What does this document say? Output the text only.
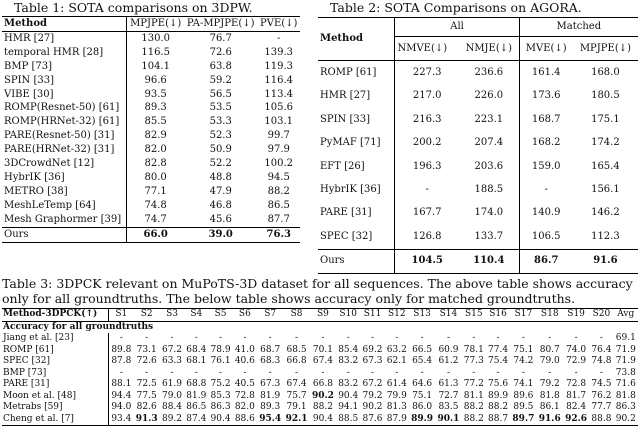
Table 1: SOTA comparisons on 3DPW.
Method	MPJPE(↓)	PA-MPJPE(↓)	PVE(↓)
HMR [27]	130.0	76.7	-
temporal HMR [28]	116.5	72.6	139.3
BMP [73]	104.1	63.8	119.3
SPIN [33]	96.6	59.2	116.4
VIBE [30]	93.5	56.5	113.4
ROMP(Resnet-50) [61]	89.3	53.5	105.6
ROMP(HRNet-32) [61]	85.5	53.3	103.1
PARE(Resnet-50) [31]	82.9	52.3	99.7
PARE(HRNet-32) [31]	82.0	50.9	97.9
3DCrowdNet [12]	82.8	52.2	100.2
HybrIK [36]	80.0	48.8	94.5
METRO [38]	77.1	47.9	88.2
MeshLeTemp [64]	74.8	46.8	86.5
Mesh Graphormer [39]	74.7	45.6	87.7
Ours	66.0	39.0	76.3
Table 2: SOTA Comparisons on AGORA.
Method	All		Matched	
	NMVE(↓)	NMJE(↓)	MVE(↓)	MPJPE(↓)
ROMP [61]	227.3	236.6	161.4	168.0
HMR [27]	217.0	226.0	173.6	180.5
SPIN [33]	216.3	223.1	168.7	175.1
PyMAF [71]	200.2	207.4	168.2	174.2
EFT [26]	196.3	203.6	159.0	165.4
HybrIK [36]	-	188.5	-	156.1
PARE [31]	167.7	174.0	140.9	146.2
SPEC [32]	126.8	133.7	106.5	112.3
Ours	104.5	110.4	86.7	91.6
Table 3: 3DPCK relevant on MuPoTS-3D dataset for all sequences. The above table shows accuracy
only for all groundtruths. The below table shows accuracy only for matched groundtruths.
Method-3DPCK(↑)	S1	S2	S3	S4	S5	S6	S7	S8	S9	S10	S11	S12	S13	S14	S15	S16	S17	S18	S19	S20	Avg
Accuracy for all groundtruths																					
Jiang et al. [23]	-	-	-	-	-	-	-	-	-	-	-	-	-	-	-	-	-	-	-	-	69.1
ROMP [61]	89.8	73.1	67.2	68.4	78.9	41.0	68.7	68.5	70.1	85.4	69.2	63.2	66.5	60.9	78.1	77.4	75.1	80.7	74.0	76.4	71.9
SPEC [32]	87.8	72.6	63.3	68.1	76.1	40.6	68.3	66.8	67.4	83.2	67.3	62.1	65.4	61.2	77.3	75.4	74.2	79.0	72.9	74.8	71.9
BMP [73]	-	-	-	-	-	-	-	-	-	-	-	-	-	-	-	-	-	-	-	-	73.8
PARE [31]	88.1	72.5	61.9	68.8	75.2	40.5	67.3	67.4	66.8	83.2	67.2	61.4	64.6	61.3	77.2	75.6	74.1	79.2	72.8	74.5	71.6
Moon et al. [48]	94.4	77.5	79.0	81.9	85.3	72.8	81.9	75.7	90.2	90.4	79.2	79.9	75.1	72.7	81.1	89.9	89.6	81.8	81.7	76.2	81.8
Metrabs [59]	94.0	82.6	88.4	86.5	86.3	82.0	89.3	79.1	88.2	94.1	90.2	81.3	86.0	83.5	88.2	88.2	89.5	86.1	82.4	77.7	86.3
Cheng et al. [7]	93.4	91.3	89.2	87.4	90.4	88.6	95.4	92.1	90.4	88.5	87.6	87.9	89.9	90.1	88.2	88.7	89.7	91.6	92.6	88.8	90.2
